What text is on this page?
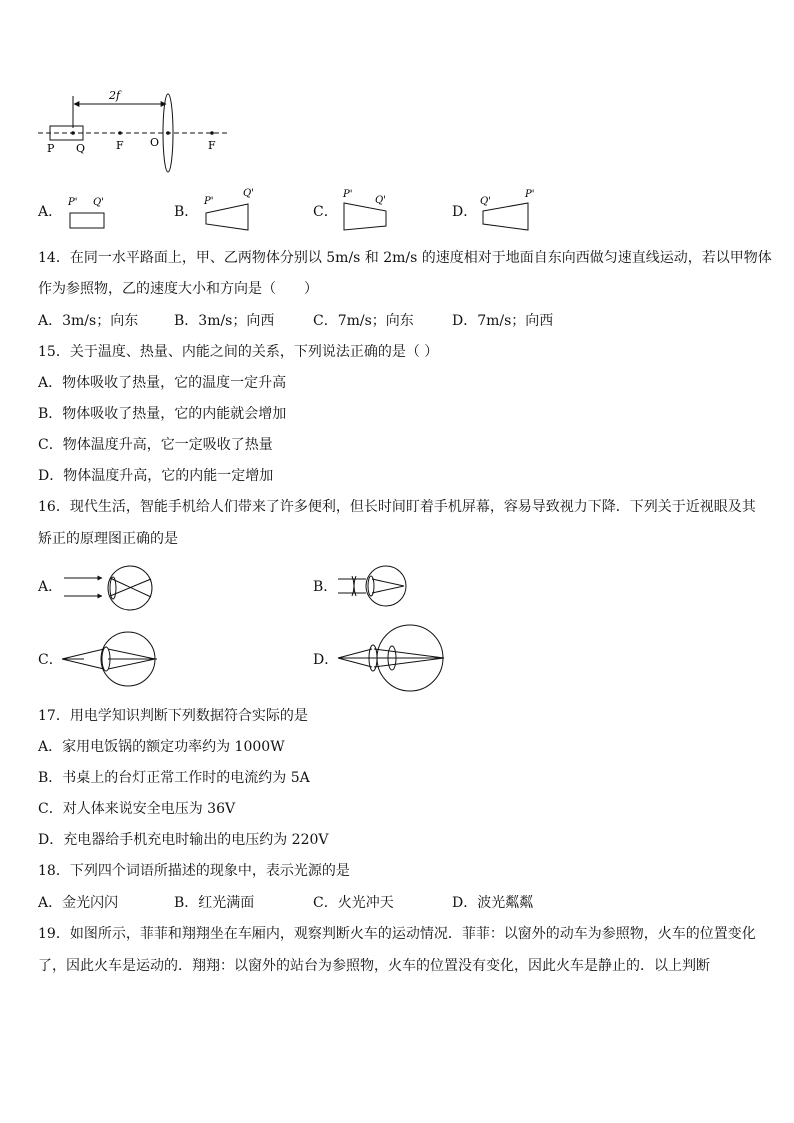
2f
P Q	F O	F
A．
P' Q'
B．
P'
Q'
C．
P'
Q'
D．
Q'
P'
14．在同一水平路面上，甲、乙两物体分别以 5m/s 和 2m/s 的速度相对于地面自东向西做匀速直线运动，若以甲物体
作为参照物，乙的速度大小和方向是（　　）
A．3m/s；向东	B．3m/s；向西	C．7m/s；向东	D．7m/s；向西
15．关于温度、热量、内能之间的关系，下列说法正确的是（ ）
A．物体吸收了热量，它的温度一定升高
B．物体吸收了热量，它的内能就会增加
C．物体温度升高，它一定吸收了热量
D．物体温度升高，它的内能一定增加
16．现代生活，智能手机给人们带来了许多便利，但长时间盯着手机屏幕，容易导致视力下降．下列关于近视眼及其
矫正的原理图正确的是
A．	B．
C．	D．
17．用电学知识判断下列数据符合实际的是
A．家用电饭锅的额定功率约为 1000W
B．书桌上的台灯正常工作时的电流约为 5A
C．对人体来说安全电压为 36V
D．充电器给手机充电时输出的电压约为 220V
18．下列四个词语所描述的现象中，表示光源的是
A．金光闪闪	B．红光满面	C．火光冲天	D．波光粼粼
19．如图所示，菲菲和翔翔坐在车厢内，观察判断火车的运动情况．菲菲：以窗外的动车为参照物，火车的位置变化
了，因此火车是运动的．翔翔：以窗外的站台为参照物，火车的位置没有变化，因此火车是静止的．以上判断
